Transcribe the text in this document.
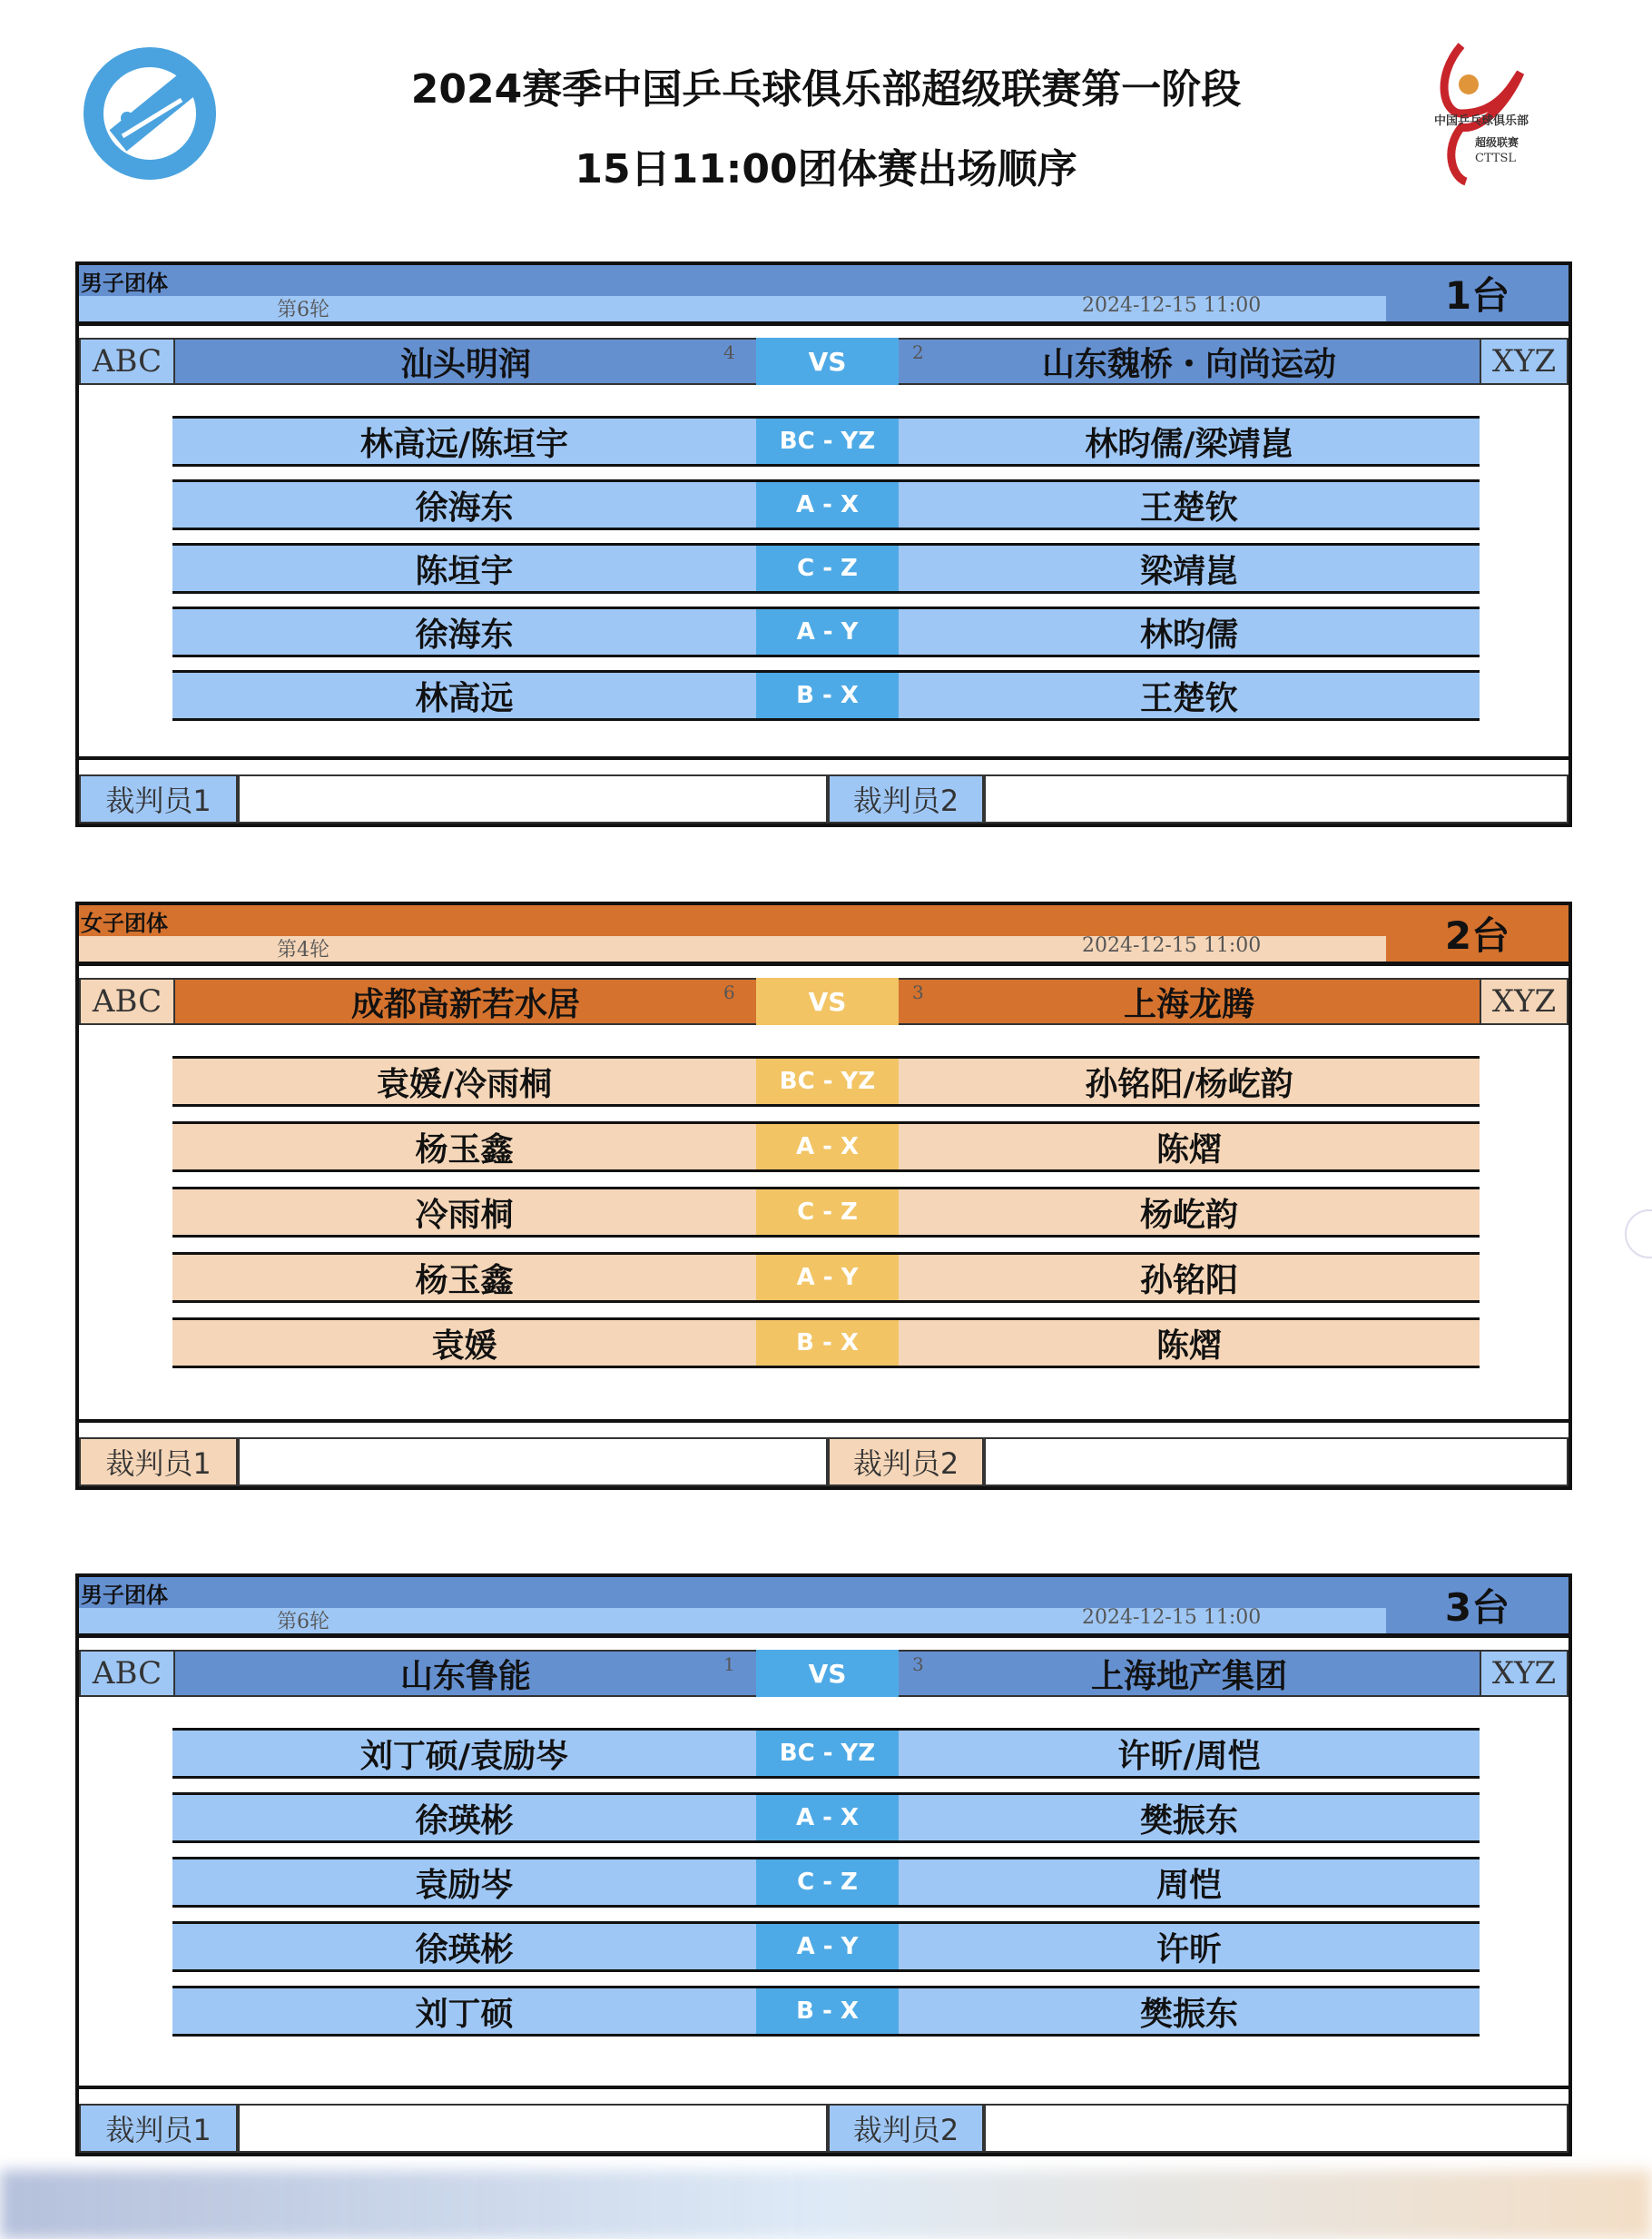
2024赛季中国乒乓球俱乐部超级联赛第一阶段
15日11:00团体赛出场顺序
中国乒乓球俱乐部
超级联赛
CTTSL
男子团体
第6轮	2024-12-15 11:00	1台
ABC	汕头明润	VS	山东魏桥・向尚运动	XYZ
4	2
林高远/陈垣宇	BC - YZ	林昀儒/梁靖崑
徐海东	A - X	王楚钦
陈垣宇	C - Z	梁靖崑
徐海东	A - Y	林昀儒
林高远	B - X	王楚钦
裁判员1	裁判员2
女子团体
第4轮	2024-12-15 11:00	2台
ABC	成都高新若水居	VS	上海龙腾	XYZ
6	3
袁媛/冷雨桐	BC - YZ	孙铭阳/杨屹韵
杨玉鑫	A - X	陈熠
冷雨桐	C - Z	杨屹韵
杨玉鑫	A - Y	孙铭阳
袁媛	B - X	陈熠
裁判员1	裁判员2
男子团体
第6轮	2024-12-15 11:00	3台
ABC	山东鲁能	VS	上海地产集团	XYZ
1	3
刘丁硕/袁励岑	BC - YZ	许昕/周恺
徐瑛彬	A - X	樊振东
袁励岑	C - Z	周恺
徐瑛彬	A - Y	许昕
刘丁硕	B - X	樊振东
裁判员1	裁判员2
